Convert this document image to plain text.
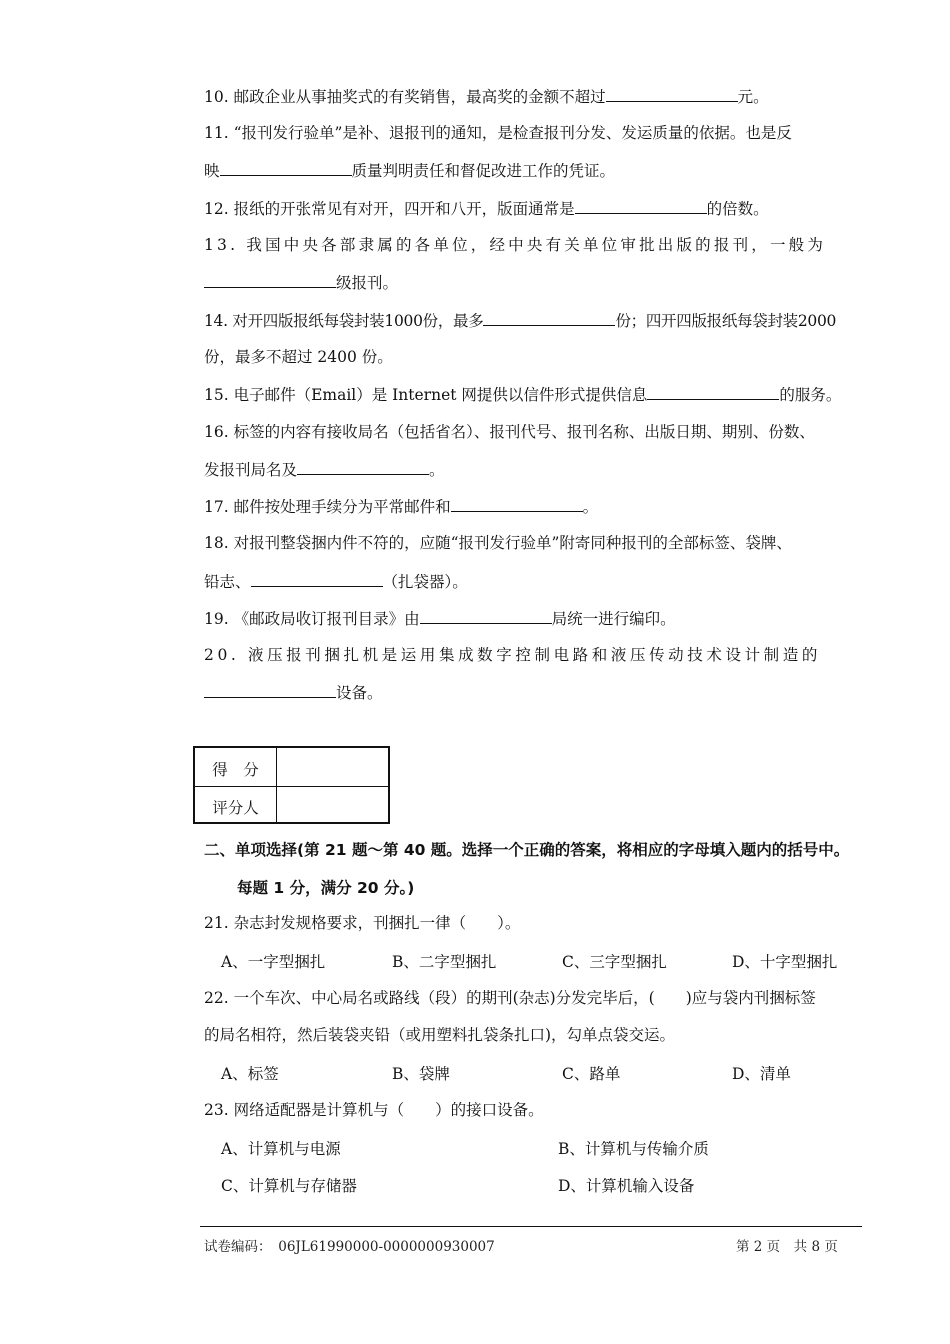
10. 邮政企业从事抽奖式的有奖销售，最高奖的金额不超过	元。
11. “报刊发行验单”是补、退报刊的通知，是检查报刊分发、发运质量的依据。也是反
映	质量判明责任和督促改进工作的凭证。
12. 报纸的开张常见有对开，四开和八开，版面通常是	的倍数。
13. 我国中央各部隶属的各单位，经中央有关单位审批出版的报刊，一般为
级报刊。
14. 对开四版报纸每袋封装1000份，最多	份；四开四版报纸每袋封装2000
份，最多不超过 2400 份。
15. 电子邮件（Email）是 Internet 网提供以信件形式提供信息	的服务。
16. 标签的内容有接收局名（包括省名）、报刊代号、报刊名称、出版日期、期别、份数、
发报刊局名及	。
17. 邮件按处理手续分为平常邮件和	。
18. 对报刊整袋捆内件不符的，应随“报刊发行验单”附寄同种报刊的全部标签、袋牌、
铅志、	（扎袋器）。
19. 《邮政局收订报刊目录》由	局统一进行编印。
20. 液压报刊捆扎机是运用集成数字控制电路和液压传动技术设计制造的
设备。
得　分
评分人
二、单项选择(第 21 题～第 40 题。选择一个正确的答案，将相应的字母填入题内的括号中。
每题 1 分，满分 20 分。)
21. 杂志封发规格要求，刊捆扎一律（　　）。
A、一字型捆扎	B、二字型捆扎	C、三字型捆扎	D、十字型捆扎
22. 一个车次、中心局名或路线（段）的期刊(杂志)分发完毕后，(　　)应与袋内刊捆标签
的局名相符，然后装袋夹铅（或用塑料扎袋条扎口)，勾单点袋交运。
A、标签	B、袋牌	C、路单	D、清单
23. 网络适配器是计算机与（　　）的接口设备。
A、计算机与电源	B、计算机与传输介质
C、计算机与存储器	D、计算机输入设备
试卷编码：　06JL61990000-0000000930007	第 2 页　共 8 页
